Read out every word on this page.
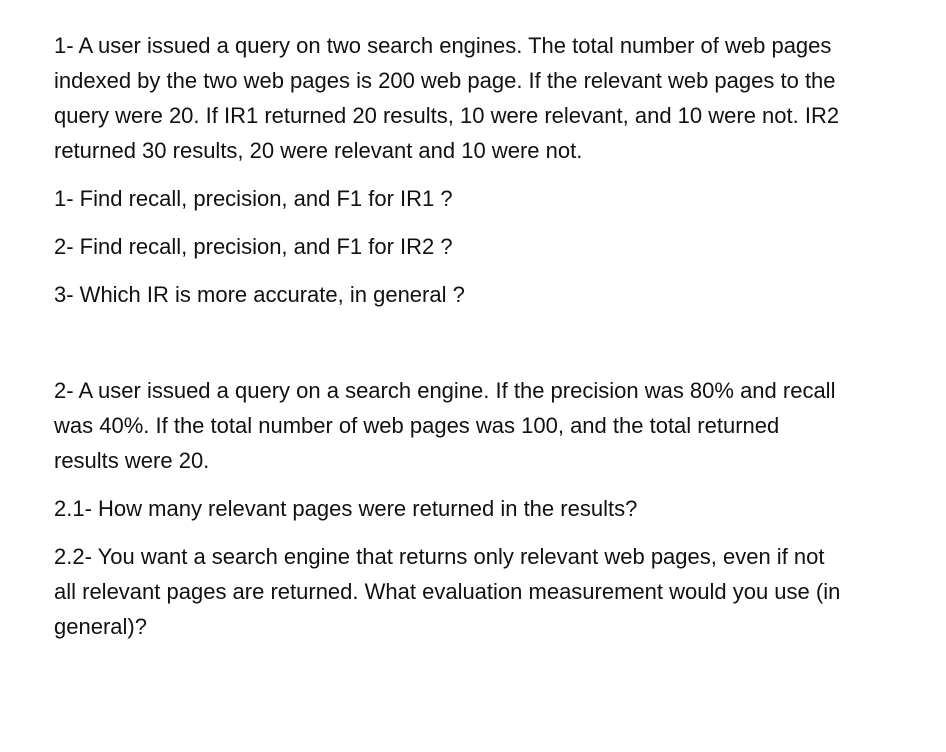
1- A user issued a query on two search engines. The total number of web pages indexed by the two web pages is 200 web page. If the relevant web pages to the query were 20. If IR1 returned 20 results, 10 were relevant, and 10 were not. IR2 returned 30 results, 20 were relevant and 10 were not.

1- Find recall, precision, and F1 for IR1 ?

2- Find recall, precision, and F1 for IR2 ?

3- Which IR is more accurate, in general ?

2- A user issued a query on a search engine. If the precision was 80% and recall was 40%. If the total number of web pages was 100, and the total returned results were 20.

2.1- How many relevant pages were returned in the results?

2.2- You want a search engine that returns only relevant web pages, even if not all relevant pages are returned. What evaluation measurement would you use (in general)?
